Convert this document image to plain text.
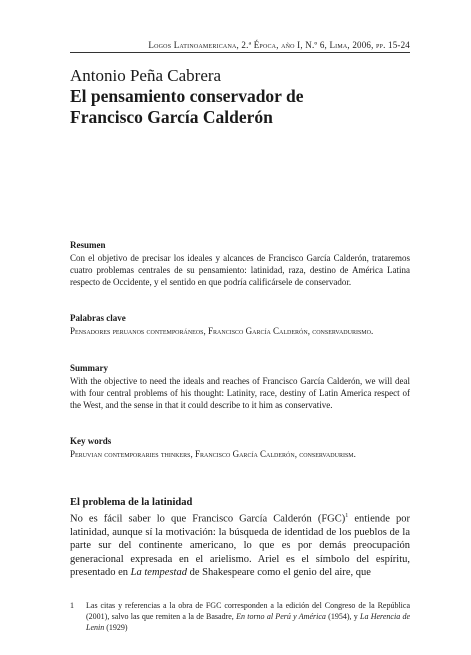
Logos Latinoamericana, 2.ª Época, año I, N.º 6, Lima, 2006, pp. 15-24
Antonio Peña Cabrera
El pensamiento conservador de
Francisco García Calderón
Resumen
Con el objetivo de precisar los ideales y alcances de Francisco García Calderón, trataremos cuatro problemas centrales de su pensamiento: latinidad, raza, destino de América Latina respecto de Occidente, y el sentido en que podría calificársele de conservador.
Palabras clave
Pensadores peruanos contemporáneos, Francisco García Calderón, conservadurismo.
Summary
With the objective to need the ideals and reaches of Francisco García Calderón, we will deal with four central problems of his thought: Latinity, race, destiny of Latin America respect of the West, and the sense in that it could describe to it him as conservative.
Key words
Peruvian contemporaries thinkers, Francisco García Calderón, conservadurism.
El problema de la latinidad
No es fácil saber lo que Francisco García Calderón (FGC)$^1$ entiende por latinidad, aunque sí la motivación: la búsqueda de identidad de los pueblos de la parte sur del continente americano, lo que es por demás preocupación generacional expresada en el arielismo. Ariel es el símbolo del espíritu, presentado en La tempestad de Shakespeare como el genio del aire, que
1 Las citas y referencias a la obra de FGC corresponden a la edición del Congreso de la República (2001), salvo las que remiten a la de Basadre, En torno al Perú y América (1954), y La Herencia de Lenin (1929)
